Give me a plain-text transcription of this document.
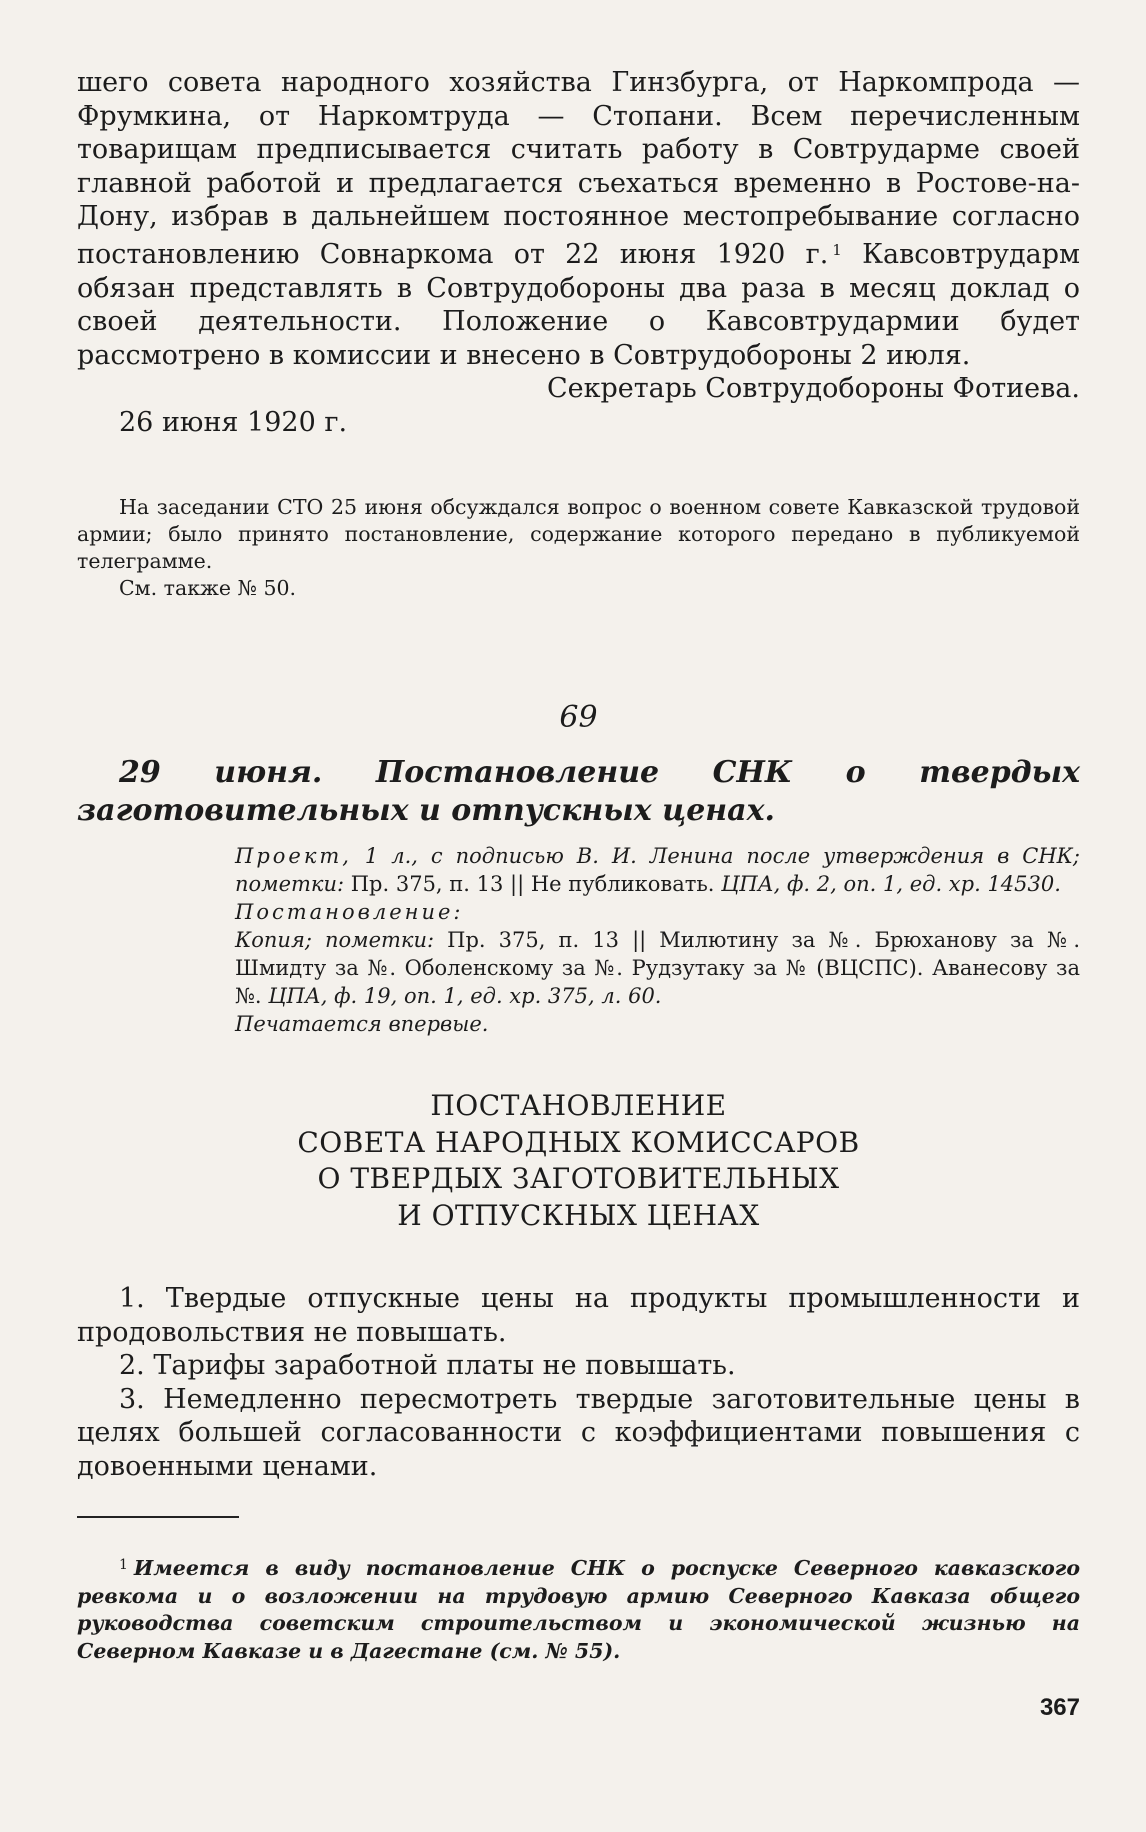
шего совета народного хозяйства Гинзбурга, от Наркомпрода — Фрумкина, от Наркомтруда — Стопани. Всем перечисленным товарищам предписывается считать работу в Совтрударме своей главной работой и предлагается съехаться временно в Ростове-на-Дону, избрав в дальнейшем постоянное местопребывание согласно постановлению Совнаркома от 22 июня 1920 г. $^1$ Кавсовтрударм обязан представлять в Совтрудобороны два раза в месяц доклад о своей деятельности. Положение о Кавсовтрудармии будет рассмотрено в комиссии и внесено в Совтрудобороны 2 июля.

Секретарь Совтрудобороны Фотиева.

26 июня 1920 г.

На заседании СТО 25 июня обсуждался вопрос о военном совете Кавказской трудовой армии; было принято постановление, содержание которого передано в публикуемой телеграмме.

См. также № 50.

69
29 июня. Постановление СНК о твердых заготовительных и отпускных ценах.

Проект, 1 л., с подписью В. И. Ленина после утверждения в СНК; пометки: Пр. 375, п. 13 || Не публиковать. ЦПА, ф. 2, оп. 1, ед. хр. 14530.

Постановление:

Копия; пометки: Пр. 375, п. 13 || Милютину за №. Брюханову за №. Шмидту за №. Оболенскому за №. Рудзутаку за № (ВЦСПС). Аванесову за №. ЦПА, ф. 19, оп. 1, ед. хр. 375, л. 60.

Печатается впервые.

ПОСТАНОВЛЕНИЕ
СОВЕТА НАРОДНЫХ КОМИССАРОВ
О ТВЕРДЫХ ЗАГОТОВИТЕЛЬНЫХ
И ОТПУСКНЫХ ЦЕНАХ

1. Твердые отпускные цены на продукты промышленности и продовольствия не повышать.

2. Тарифы заработной платы не повышать.

3. Немедленно пересмотреть твердые заготовительные цены в целях большей согласованности с коэффициентами повышения с довоенными ценами.

$^1$ Имеется в виду постановление СНК о роспуске Северного кавказского ревкома и о возложении на трудовую армию Северного Кавказа общего руководства советским строительством и экономической жизнью на Северном Кавказе и в Дагестане (см. № 55).

367
